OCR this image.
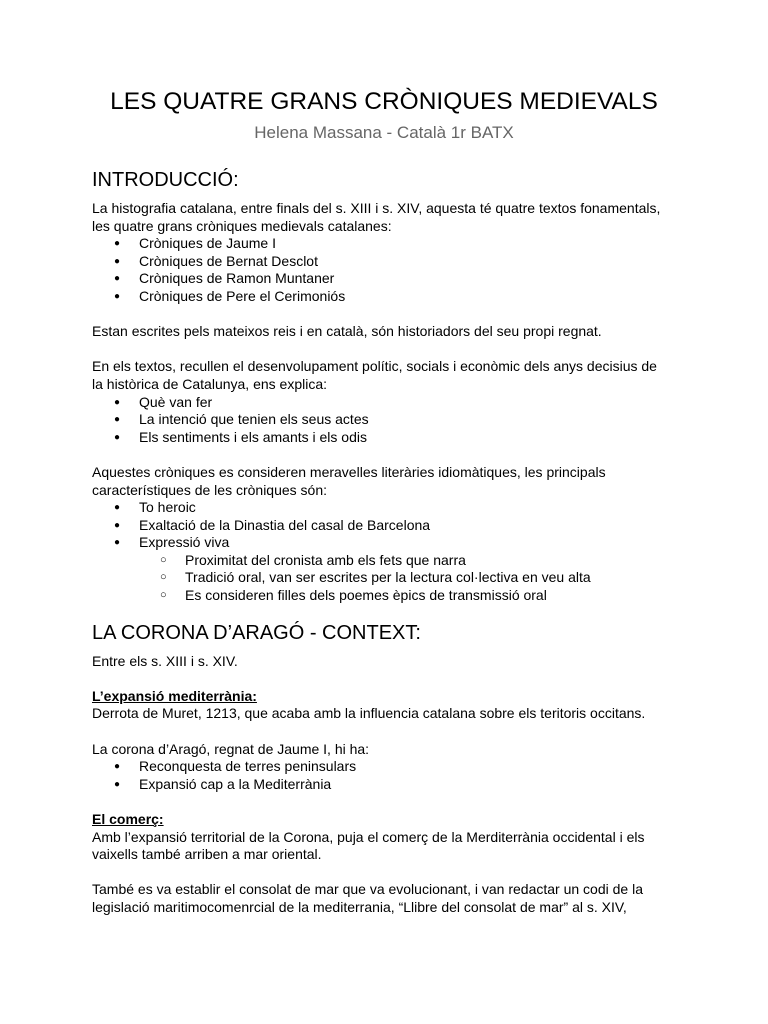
LES QUATRE GRANS CRÒNIQUES MEDIEVALS
Helena Massana - Català 1r BATX
INTRODUCCIÓ:

La histografia catalana, entre finals del s. XIII i s. XIV, aquesta té quatre textos fonamentals,
les quatre grans cròniques medievals catalanes:

● Cròniques de Jaume I
● Cròniques de Bernat Desclot
● Cròniques de Ramon Muntaner
● Cròniques de Pere el Cerimoniós

Estan escrites pels mateixos reis i en català, són historiadors del seu propi regnat.

En els textos, recullen el desenvolupament polític, socials i econòmic dels anys decisius de
la històrica de Catalunya, ens explica:

● Què van fer
● La intenció que tenien els seus actes
● Els sentiments i els amants i els odis

Aquestes cròniques es consideren meravelles literàries idiomàtiques, les principals
característiques de les cròniques són:

● To heroic
● Exaltació de la Dinastia del casal de Barcelona
● Expressió viva
○ Proximitat del cronista amb els fets que narra
○ Tradició oral, van ser escrites per la lectura col·lectiva en veu alta
○ Es consideren filles dels poemes èpics de transmissió oral
LA CORONA D’ARAGÓ - CONTEXT:

Entre els s. XIII i s. XIV.

L’expansió mediterrània:
Derrota de Muret, 1213, que acaba amb la influencia catalana sobre els teritoris occitans.

La corona d’Aragó, regnat de Jaume I, hi ha:

● Reconquesta de terres peninsulars
● Expansió cap a la Mediterrània

El comerç:
Amb l’expansió territorial de la Corona, puja el comerç de la Merditerrània occidental i els
vaixells també arriben a mar oriental.

També es va establir el consolat de mar que va evolucionant, i van redactar un codi de la
legislació maritimocomenrcial de la mediterrania, “Llibre del consolat de mar” al s. XIV,
